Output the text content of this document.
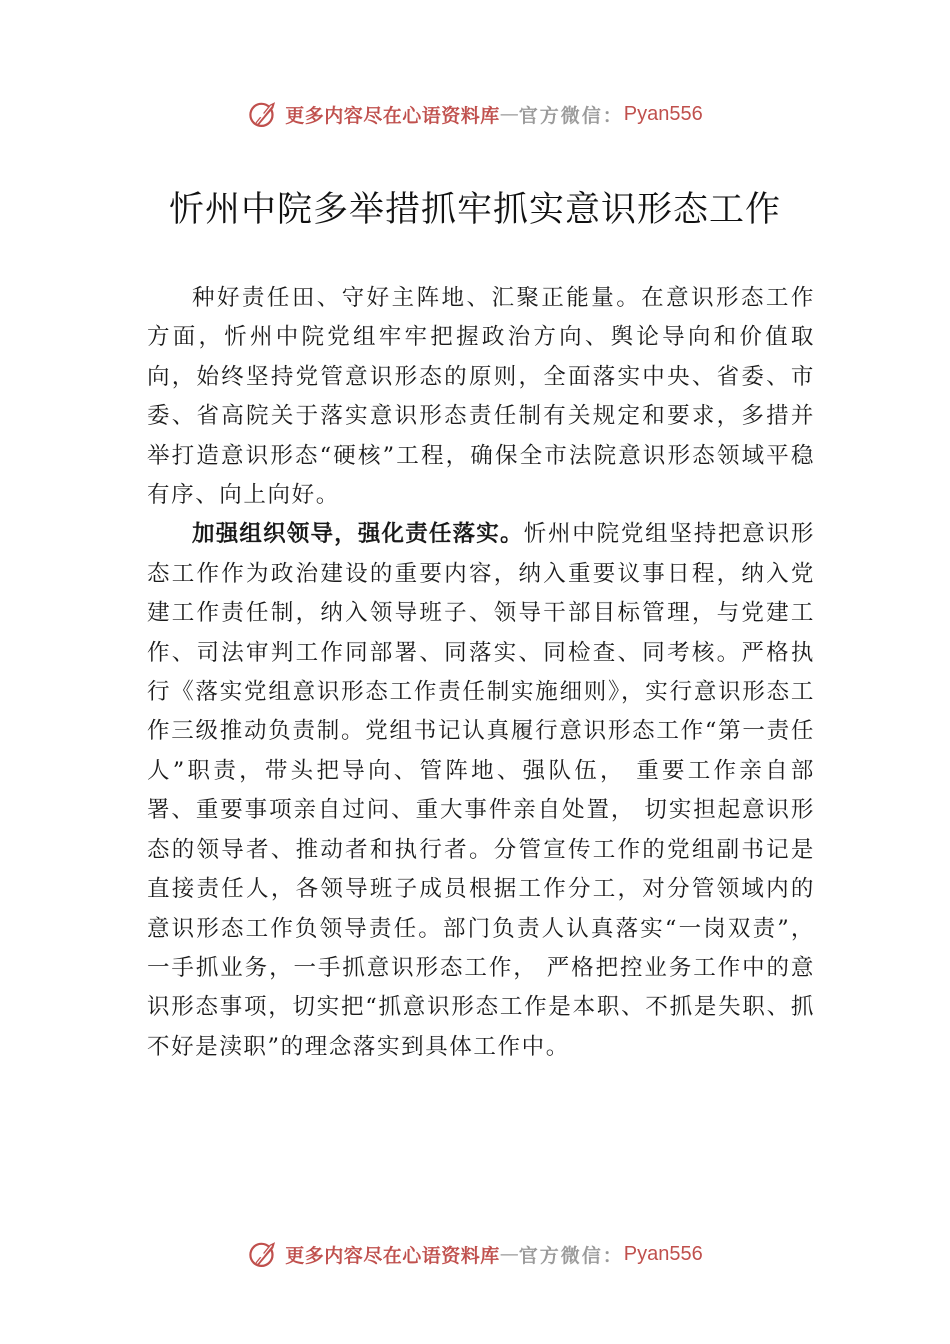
更多内容尽在心语资料库 — 官方微信： Pyan556
忻州中院多举措抓牢抓实意识形态工作

种好责任田、守好主阵地、汇聚正能量。在意识形态工作方面，忻州中院党组牢牢把握政治方向、舆论导向和价值取向，始终坚持党管意识形态的原则，全面落实中央、省委、市委、省高院关于落实意识形态责任制有关规定和要求，多措并举打造意识形态“硬核”工程，确保全市法院意识形态领域平稳有序、向上向好。

加强组织领导，强化责任落实。忻州中院党组坚持把意识形态工作作为政治建设的重要内容，纳入重要议事日程，纳入党建工作责任制，纳入领导班子、领导干部目标管理，与党建工作、司法审判工作同部署、同落实、同检查、同考核。严格执行《落实党组意识形态工作责任制实施细则》，实行意识形态工作三级推动负责制。党组书记认真履行意识形态工作“第一责任人”职责，带头把导向、管阵地、强队伍， 重要工作亲自部署、重要事项亲自过问、重大事件亲自处置， 切实担起意识形态的领导者、推动者和执行者。分管宣传工作的党组副书记是直接责任人，各领导班子成员根据工作分工，对分管领域内的意识形态工作负领导责任。部门负责人认真落实“一岗双责”，一手抓业务，一手抓意识形态工作， 严格把控业务工作中的意识形态事项，切实把“抓意识形态工作是本职、不抓是失职、抓不好是渎职”的理念落实到具体工作中。

更多内容尽在心语资料库 — 官方微信： Pyan556
